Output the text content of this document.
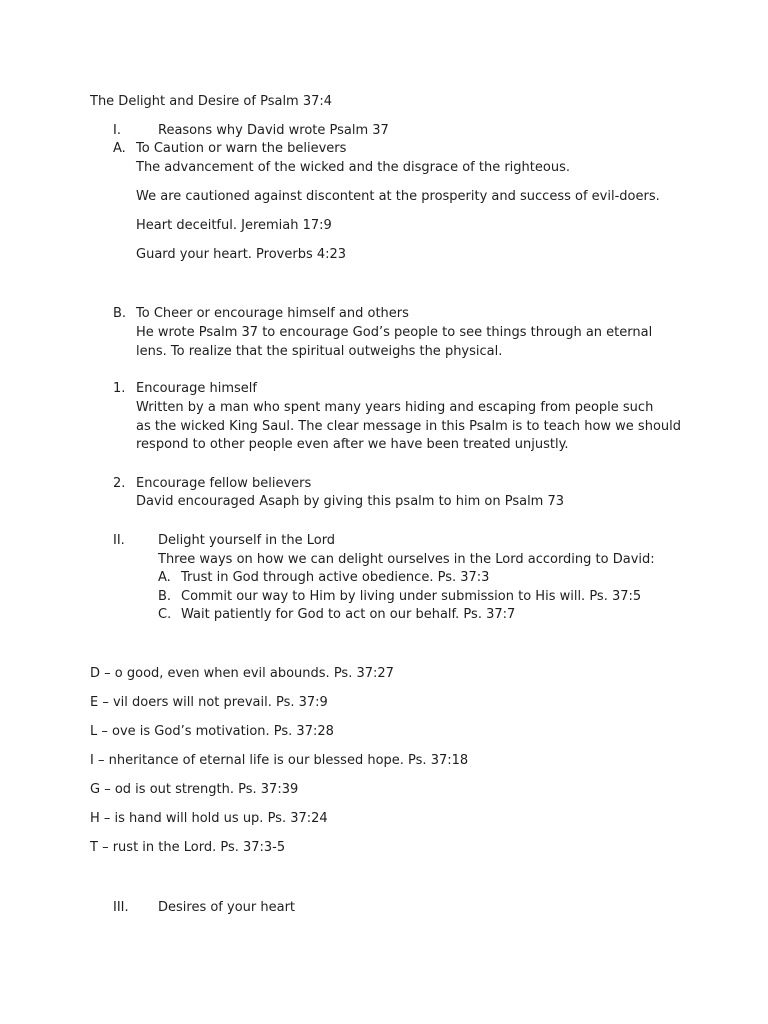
The Delight and Desire of Psalm 37:4
I.	Reasons why David wrote Psalm 37
A. To Caution or warn the believers
The advancement of the wicked and the disgrace of the righteous.
We are cautioned against discontent at the prosperity and success of evil-doers.
Heart deceitful. Jeremiah 17:9
Guard your heart. Proverbs 4:23
B. To Cheer or encourage himself and others
He wrote Psalm 37 to encourage God’s people to see things through an eternal
lens. To realize that the spiritual outweighs the physical.
1. Encourage himself
Written by a man who spent many years hiding and escaping from people such
as the wicked King Saul. The clear message in this Psalm is to teach how we should
respond to other people even after we have been treated unjustly.
2. Encourage fellow believers
David encouraged Asaph by giving this psalm to him on Psalm 73
II.	Delight yourself in the Lord
Three ways on how we can delight ourselves in the Lord according to David:
A. Trust in God through active obedience. Ps. 37:3
B. Commit our way to Him by living under submission to His will. Ps. 37:5
C. Wait patiently for God to act on our behalf. Ps. 37:7
D – o good, even when evil abounds. Ps. 37:27
E – vil doers will not prevail. Ps. 37:9
L – ove is God’s motivation. Ps. 37:28
I – nheritance of eternal life is our blessed hope. Ps. 37:18
G – od is out strength. Ps. 37:39
H – is hand will hold us up. Ps. 37:24
T – rust in the Lord. Ps. 37:3-5
III. Desires of your heart
